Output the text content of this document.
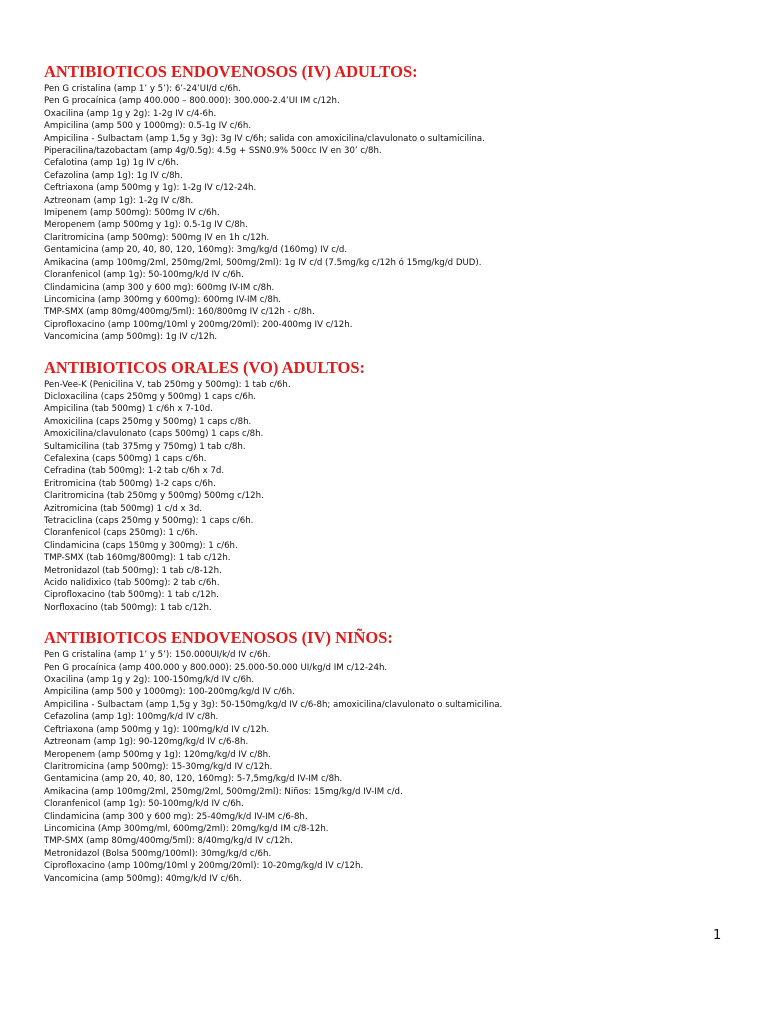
ANTIBIOTICOS ENDOVENOSOS (IV) ADULTOS:
Pen G cristalina (amp 1’ y 5’): 6’-24’UI/d c/6h.
Pen G procaínica (amp 400.000 – 800.000): 300.000-2.4’UI IM c/12h.
Oxacilina (amp 1g y 2g): 1-2g IV c/4-6h.
Ampicilina (amp 500 y 1000mg): 0.5-1g IV c/6h.
Ampicilina - Sulbactam (amp 1,5g y 3g): 3g IV c/6h; salida con amoxicilina/clavulonato o sultamicilina.
Piperacilina/tazobactam (amp 4g/0.5g): 4.5g + SSN0.9% 500cc IV en 30’ c/8h.
Cefalotina (amp 1g) 1g IV c/6h.
Cefazolina (amp 1g): 1g IV c/8h.
Ceftriaxona (amp 500mg y 1g): 1-2g IV c/12-24h.
Aztreonam (amp 1g): 1-2g IV c/8h.
Imipenem (amp 500mg): 500mg IV c/6h.
Meropenem (amp 500mg y 1g): 0.5-1g IV C/8h.
Claritromicina (amp 500mg): 500mg IV en 1h c/12h.
Gentamicina (amp 20, 40, 80, 120, 160mg): 3mg/kg/d (160mg) IV c/d.
Amikacina (amp 100mg/2ml, 250mg/2ml, 500mg/2ml): 1g IV c/d (7.5mg/kg c/12h ó 15mg/kg/d DUD).
Cloranfenicol (amp 1g): 50-100mg/k/d IV c/6h.
Clindamicina (amp 300 y 600 mg): 600mg IV-IM c/8h.
Lincomicina (amp 300mg y 600mg): 600mg IV-IM c/8h.
TMP-SMX (amp 80mg/400mg/5ml): 160/800mg IV c/12h - c/8h.
Ciprofloxacino (amp 100mg/10ml y 200mg/20ml): 200-400mg IV c/12h.
Vancomicina (amp 500mg): 1g IV c/12h.
ANTIBIOTICOS ORALES (VO) ADULTOS:
Pen-Vee-K (Penicilina V, tab 250mg y 500mg): 1 tab c/6h.
Dicloxacilina (caps 250mg y 500mg) 1 caps c/6h.
Ampicilina (tab 500mg) 1 c/6h x 7-10d.
Amoxicilina (caps 250mg y 500mg) 1 caps c/8h.
Amoxicilina/clavulonato (caps 500mg) 1 caps c/8h.
Sultamicilina (tab 375mg y 750mg) 1 tab c/8h.
Cefalexina (caps 500mg) 1 caps c/6h.
Cefradina (tab 500mg): 1-2 tab c/6h x 7d.
Eritromicina (tab 500mg) 1-2 caps c/6h.
Claritromicina (tab 250mg y 500mg) 500mg c/12h.
Azitromicina (tab 500mg) 1 c/d x 3d.
Tetraciclina (caps 250mg y 500mg): 1 caps c/6h.
Cloranfenicol (caps 250mg): 1 c/6h.
Clindamicina (caps 150mg y 300mg): 1 c/6h.
TMP-SMX (tab 160mg/800mg): 1 tab c/12h.
Metronidazol (tab 500mg): 1 tab c/8-12h.
Acido nalidixico (tab 500mg): 2 tab c/6h.
Ciprofloxacino (tab 500mg): 1 tab c/12h.
Norfloxacino (tab 500mg): 1 tab c/12h.
ANTIBIOTICOS ENDOVENOSOS (IV) NIÑOS:
Pen G cristalina (amp 1’ y 5’): 150.000UI/k/d IV c/6h.
Pen G procaínica (amp 400.000 y 800.000): 25.000-50.000 UI/kg/d IM c/12-24h.
Oxacilina (amp 1g y 2g): 100-150mg/k/d IV c/6h.
Ampicilina (amp 500 y 1000mg): 100-200mg/kg/d IV c/6h.
Ampicilina - Sulbactam (amp 1,5g y 3g): 50-150mg/kg/d IV c/6-8h; amoxicilina/clavulonato o sultamicilina.
Cefazolina (amp 1g): 100mg/k/d IV c/8h.
Ceftriaxona (amp 500mg y 1g): 100mg/k/d IV c/12h.
Aztreonam (amp 1g): 90-120mg/kg/d IV c/6-8h.
Meropenem (amp 500mg y 1g): 120mg/kg/d IV c/8h.
Claritromicina (amp 500mg): 15-30mg/kg/d IV c/12h.
Gentamicina (amp 20, 40, 80, 120, 160mg): 5-7,5mg/kg/d IV-IM c/8h.
Amikacina (amp 100mg/2ml, 250mg/2ml, 500mg/2ml): Niños: 15mg/kg/d IV-IM c/d.
Cloranfenicol (amp 1g): 50-100mg/k/d IV c/6h.
Clindamicina (amp 300 y 600 mg): 25-40mg/k/d IV-IM c/6-8h.
Lincomicina (Amp 300mg/ml, 600mg/2ml): 20mg/kg/d IM c/8-12h.
TMP-SMX (amp 80mg/400mg/5ml): 8/40mg/kg/d IV c/12h.
Metronidazol (Bolsa 500mg/100ml): 30mg/kg/d c/6h.
Ciprofloxacino (amp 100mg/10ml y 200mg/20ml): 10-20mg/kg/d IV c/12h.
Vancomicina (amp 500mg): 40mg/k/d IV c/6h.
1
